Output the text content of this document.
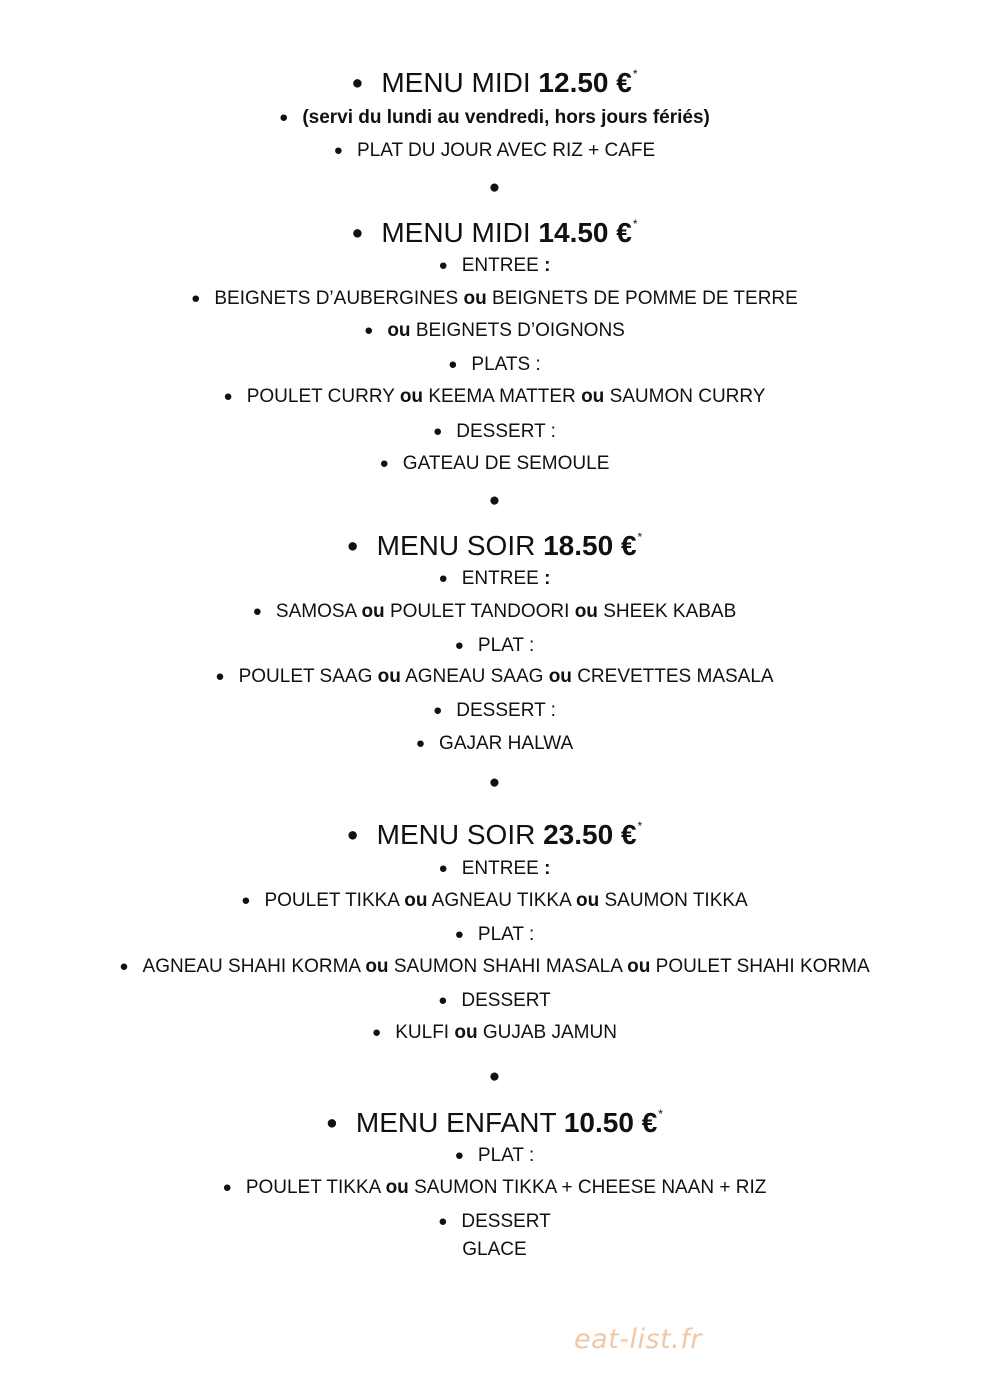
● MENU MIDI 12.50 €*
● (servi du lundi au vendredi, hors jours fériés)
● PLAT DU JOUR AVEC RIZ + CAFE
●
● MENU MIDI 14.50 €*
● ENTREE :
● BEIGNETS D’AUBERGINES ou BEIGNETS DE POMME DE TERRE
● ou BEIGNETS D’OIGNONS
● PLATS :
● POULET CURRY ou KEEMA MATTER ou SAUMON CURRY
● DESSERT :
● GATEAU DE SEMOULE
●
● MENU SOIR 18.50 €*
● ENTREE :
● SAMOSA ou POULET TANDOORI ou SHEEK KABAB
● PLAT :
● POULET SAAG ou AGNEAU SAAG ou CREVETTES MASALA
● DESSERT :
● GAJAR HALWA
●
● MENU SOIR 23.50 €*
● ENTREE :
● POULET TIKKA ou AGNEAU TIKKA ou SAUMON TIKKA
● PLAT :
● AGNEAU SHAHI KORMA ou SAUMON SHAHI MASALA ou POULET SHAHI KORMA
● DESSERT
● KULFI ou GUJAB JAMUN
●
● MENU ENFANT 10.50 €*
● PLAT :
● POULET TIKKA ou SAUMON TIKKA + CHEESE NAAN + RIZ
● DESSERT
GLACE
eat-list.fr
